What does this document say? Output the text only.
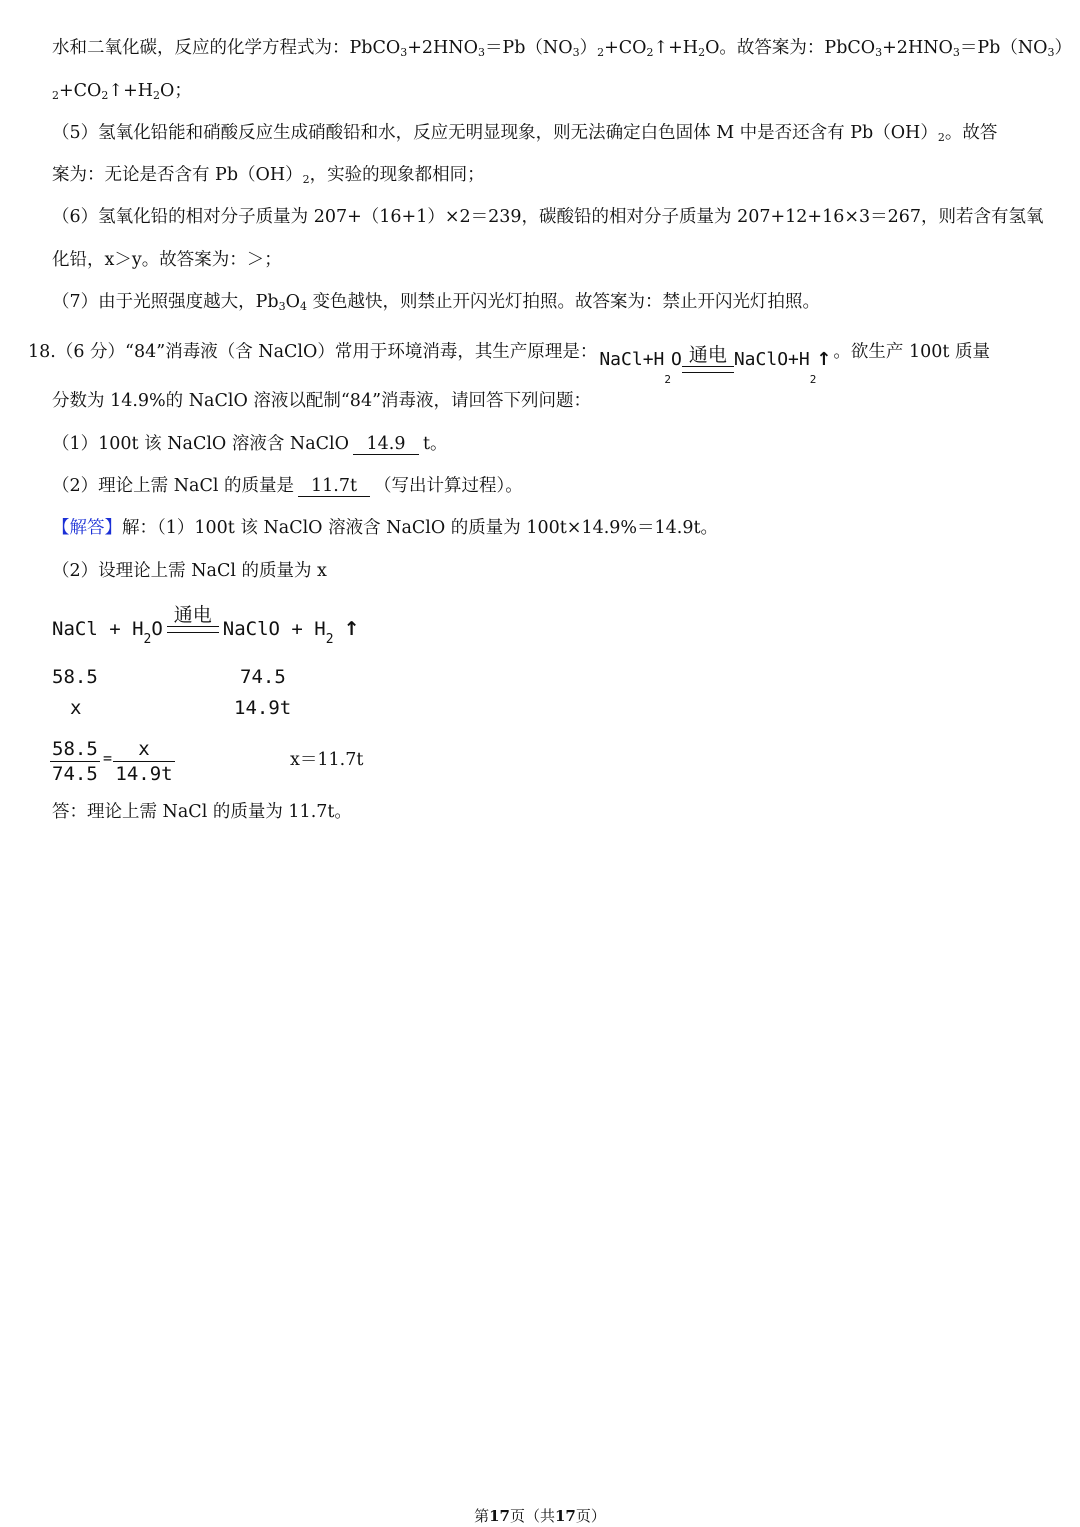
水和二氧化碳，反应的化学方程式为：$PbCO_3+2HNO_3=Pb(NO_3)_2+CO_2↑+H_2O$。故答案为：$PbCO_3+2HNO_3=Pb(NO_3)$
$_2+CO_2↑+H_2O$；
（5）氢氧化铅能和硝酸反应生成硝酸铅和水，反应无明显现象，则无法确定白色固体 M 中是否还含有 $Pb(OH)_2$。故答
案为：无论是否含有 $Pb(OH)_2$，实验的现象都相同；
（6）氢氧化铅的相对分子质量为 207+（16+1）×2＝239，碳酸铅的相对分子质量为 207+12+16×3＝267，则若含有氢氧
化铅，x＞y。故答案为：＞；
（7）由于光照强度越大，$Pb_3O_4$ 变色越快，则禁止开闪光灯拍照。故答案为：禁止开闪光灯拍照。
18.（6 分）“84”消毒液（含 NaClO）常用于环境消毒，其生产原理是： NaCl+H
2
O 通电 NaClO+H
2
↑ 。欲生产 100t 质量
分数为 14.9%的 NaClO 溶液以配制“84”消毒液，请回答下列问题：
（1）100t 该 NaClO 溶液含 NaClO 14.9 t。
（2）理论上需 NaCl 的质量是 11.7t （写出计算过程）。
【解答】解：（1）100t 该 NaClO 溶液含 NaClO 的质量为 100t×14.9%＝14.9t。
（2）设理论上需 NaCl 的质量为 x
NaCl + H 2 O
通电
NaClO + H 2 ↑
58.5	74.5
x	14.9t
58.5
74.5
= x
14.9t
x＝11.7t
答：理论上需 NaCl 的质量为 11.7t。
第17页（共17页）
